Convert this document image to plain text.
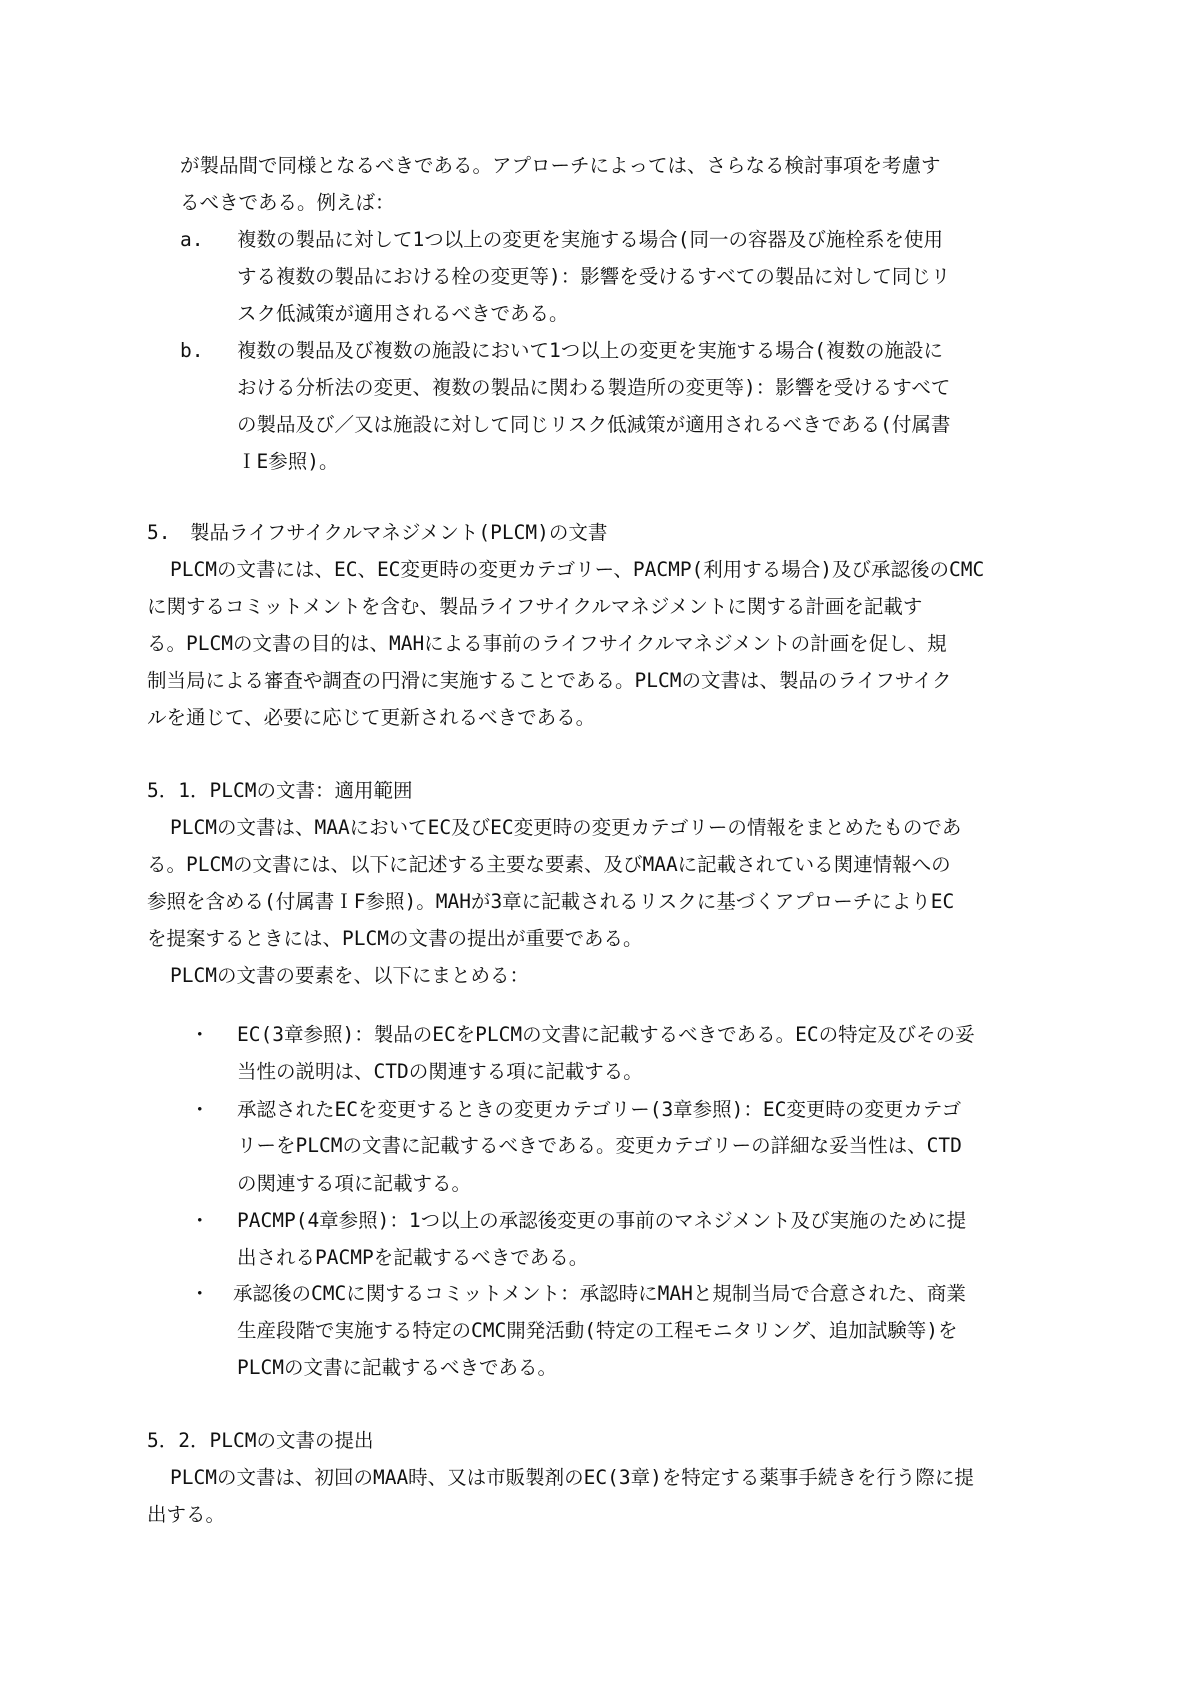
が製品間で同様となるべきである。アプローチによっては、さらなる検討事項を考慮す
るべきである。例えば：
a. 複数の製品に対して1つ以上の変更を実施する場合(同一の容器及び施栓系を使用
する複数の製品における栓の変更等)：影響を受けるすべての製品に対して同じリ
スク低減策が適用されるべきである。
b. 複数の製品及び複数の施設において1つ以上の変更を実施する場合(複数の施設に
おける分析法の変更、複数の製品に関わる製造所の変更等)：影響を受けるすべて
の製品及び／又は施設に対して同じリスク低減策が適用されるべきである(付属書
ＩE参照)。
5.　製品ライフサイクルマネジメント(PLCM)の文書
PLCMの文書には、EC、EC変更時の変更カテゴリー、PACMP(利用する場合)及び承認後のCMC
に関するコミットメントを含む、製品ライフサイクルマネジメントに関する計画を記載す
る。PLCMの文書の目的は、MAHによる事前のライフサイクルマネジメントの計画を促し、規
制当局による審査や調査の円滑に実施することである。PLCMの文書は、製品のライフサイク
ルを通じて、必要に応じて更新されるべきである。
5．1．PLCMの文書：適用範囲
PLCMの文書は、MAAにおいてEC及びEC変更時の変更カテゴリーの情報をまとめたものであ
る。PLCMの文書には、以下に記述する主要な要素、及びMAAに記載されている関連情報への
参照を含める(付属書ＩF参照)。MAHが3章に記載されるリスクに基づくアプローチによりEC
を提案するときには、PLCMの文書の提出が重要である。
PLCMの文書の要素を、以下にまとめる：
・ EC(3章参照)：製品のECをPLCMの文書に記載するべきである。ECの特定及びその妥
当性の説明は、CTDの関連する項に記載する。
・ 承認されたECを変更するときの変更カテゴリー(3章参照)：EC変更時の変更カテゴ
リーをPLCMの文書に記載するべきである。変更カテゴリーの詳細な妥当性は、CTD
の関連する項に記載する。
・ PACMP(4章参照)：1つ以上の承認後変更の事前のマネジメント及び実施のために提
出されるPACMPを記載するべきである。
・ 承認後のCMCに関するコミットメント：承認時にMAHと規制当局で合意された、商業
生産段階で実施する特定のCMC開発活動(特定の工程モニタリング、追加試験等)を
PLCMの文書に記載するべきである。
5．2．PLCMの文書の提出
PLCMの文書は、初回のMAA時、又は市販製剤のEC(3章)を特定する薬事手続きを行う際に提
出する。
